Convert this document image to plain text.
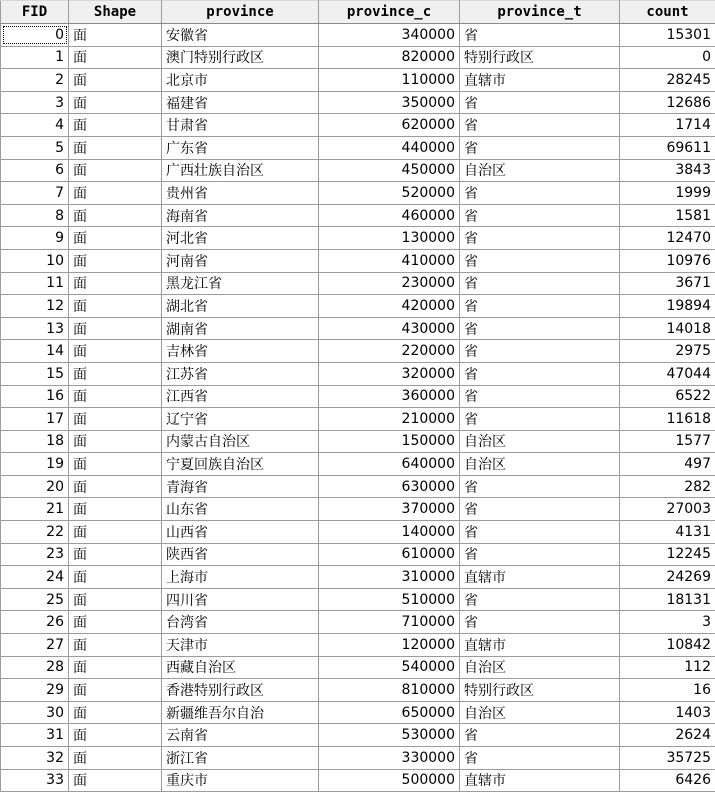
FID	Shape	province	province_c	province_t	count
0	面	安徽省	340000	省	15301
1	面	澳门特别行政区	820000	特别行政区	0
2	面	北京市	110000	直辖市	28245
3	面	福建省	350000	省	12686
4	面	甘肃省	620000	省	1714
5	面	广东省	440000	省	69611
6	面	广西壮族自治区	450000	自治区	3843
7	面	贵州省	520000	省	1999
8	面	海南省	460000	省	1581
9	面	河北省	130000	省	12470
10	面	河南省	410000	省	10976
11	面	黑龙江省	230000	省	3671
12	面	湖北省	420000	省	19894
13	面	湖南省	430000	省	14018
14	面	吉林省	220000	省	2975
15	面	江苏省	320000	省	47044
16	面	江西省	360000	省	6522
17	面	辽宁省	210000	省	11618
18	面	内蒙古自治区	150000	自治区	1577
19	面	宁夏回族自治区	640000	自治区	497
20	面	青海省	630000	省	282
21	面	山东省	370000	省	27003
22	面	山西省	140000	省	4131
23	面	陕西省	610000	省	12245
24	面	上海市	310000	直辖市	24269
25	面	四川省	510000	省	18131
26	面	台湾省	710000	省	3
27	面	天津市	120000	直辖市	10842
28	面	西藏自治区	540000	自治区	112
29	面	香港特别行政区	810000	特别行政区	16
30	面	新疆维吾尔自治	650000	自治区	1403
31	面	云南省	530000	省	2624
32	面	浙江省	330000	省	35725
33	面	重庆市	500000	直辖市	6426
